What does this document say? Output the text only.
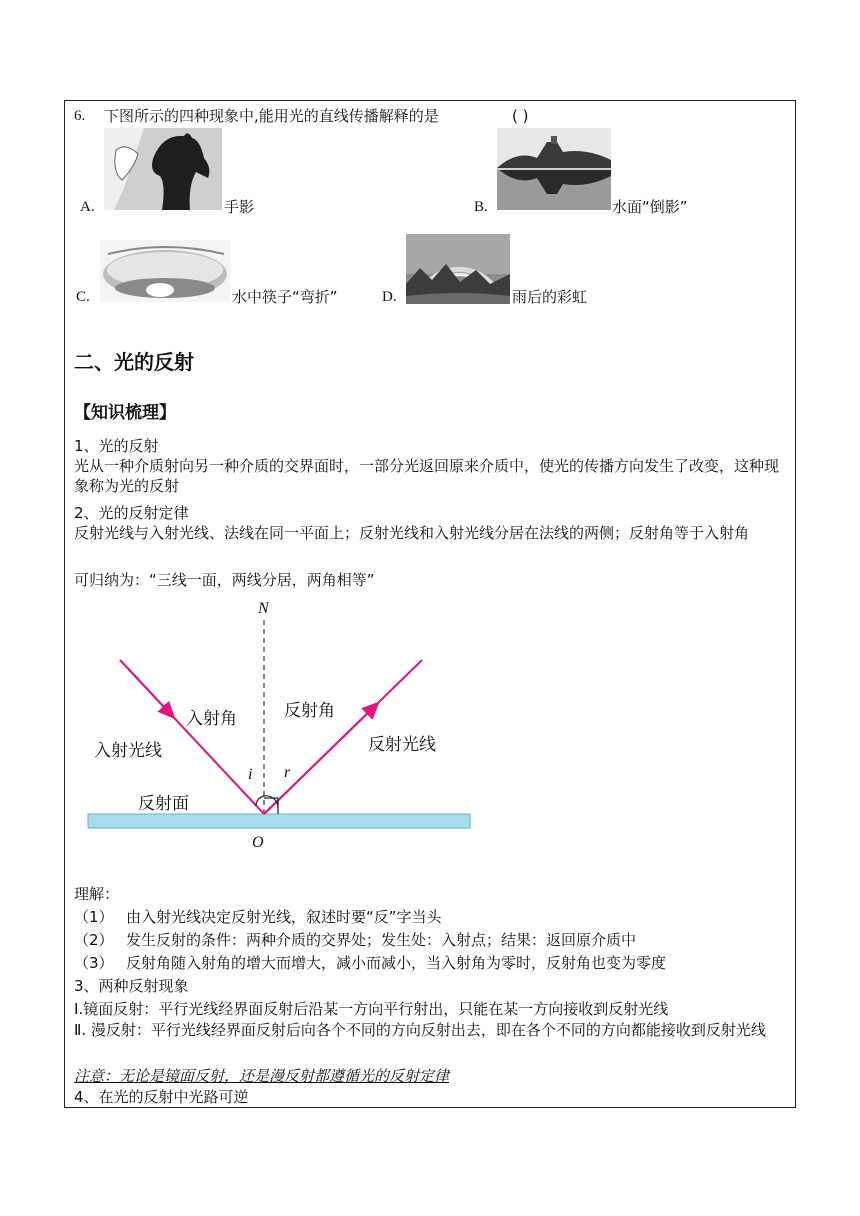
6. 下图所示的四种现象中,能用光的直线传播解释的是	( )
A.	手影	B.	水面“倒影”
C.	水中筷子“弯折”	D.	雨后的彩虹
二、光的反射
【知识梳理】
1、光的反射
光从一种介质射向另一种介质的交界面时，一部分光返回原来介质中，使光的传播方向发生了改变，这种现象称为光的反射
2、光的反射定律
反射光线与入射光线、法线在同一平面上；反射光线和入射光线分居在法线的两侧；反射角等于入射角
可归纳为：“三线一面，两线分居，两角相等”
N
入射角	反射角
入射光线	反射光线
反射面
i r
O
理解：
（1） 由入射光线决定反射光线，叙述时要“反”字当头
（2） 发生反射的条件：两种介质的交界处；发生处：入射点；结果：返回原介质中
（3） 反射角随入射角的增大而增大，减小而减小，当入射角为零时，反射角也变为零度
3、两种反射现象
Ⅰ.镜面反射：平行光线经界面反射后沿某一方向平行射出，只能在某一方向接收到反射光线
Ⅱ. 漫反射：平行光线经界面反射后向各个不同的方向反射出去，即在各个不同的方向都能接收到反射光线
注意：无论是镜面反射，还是漫反射都遵循光的反射定律
4、在光的反射中光路可逆
